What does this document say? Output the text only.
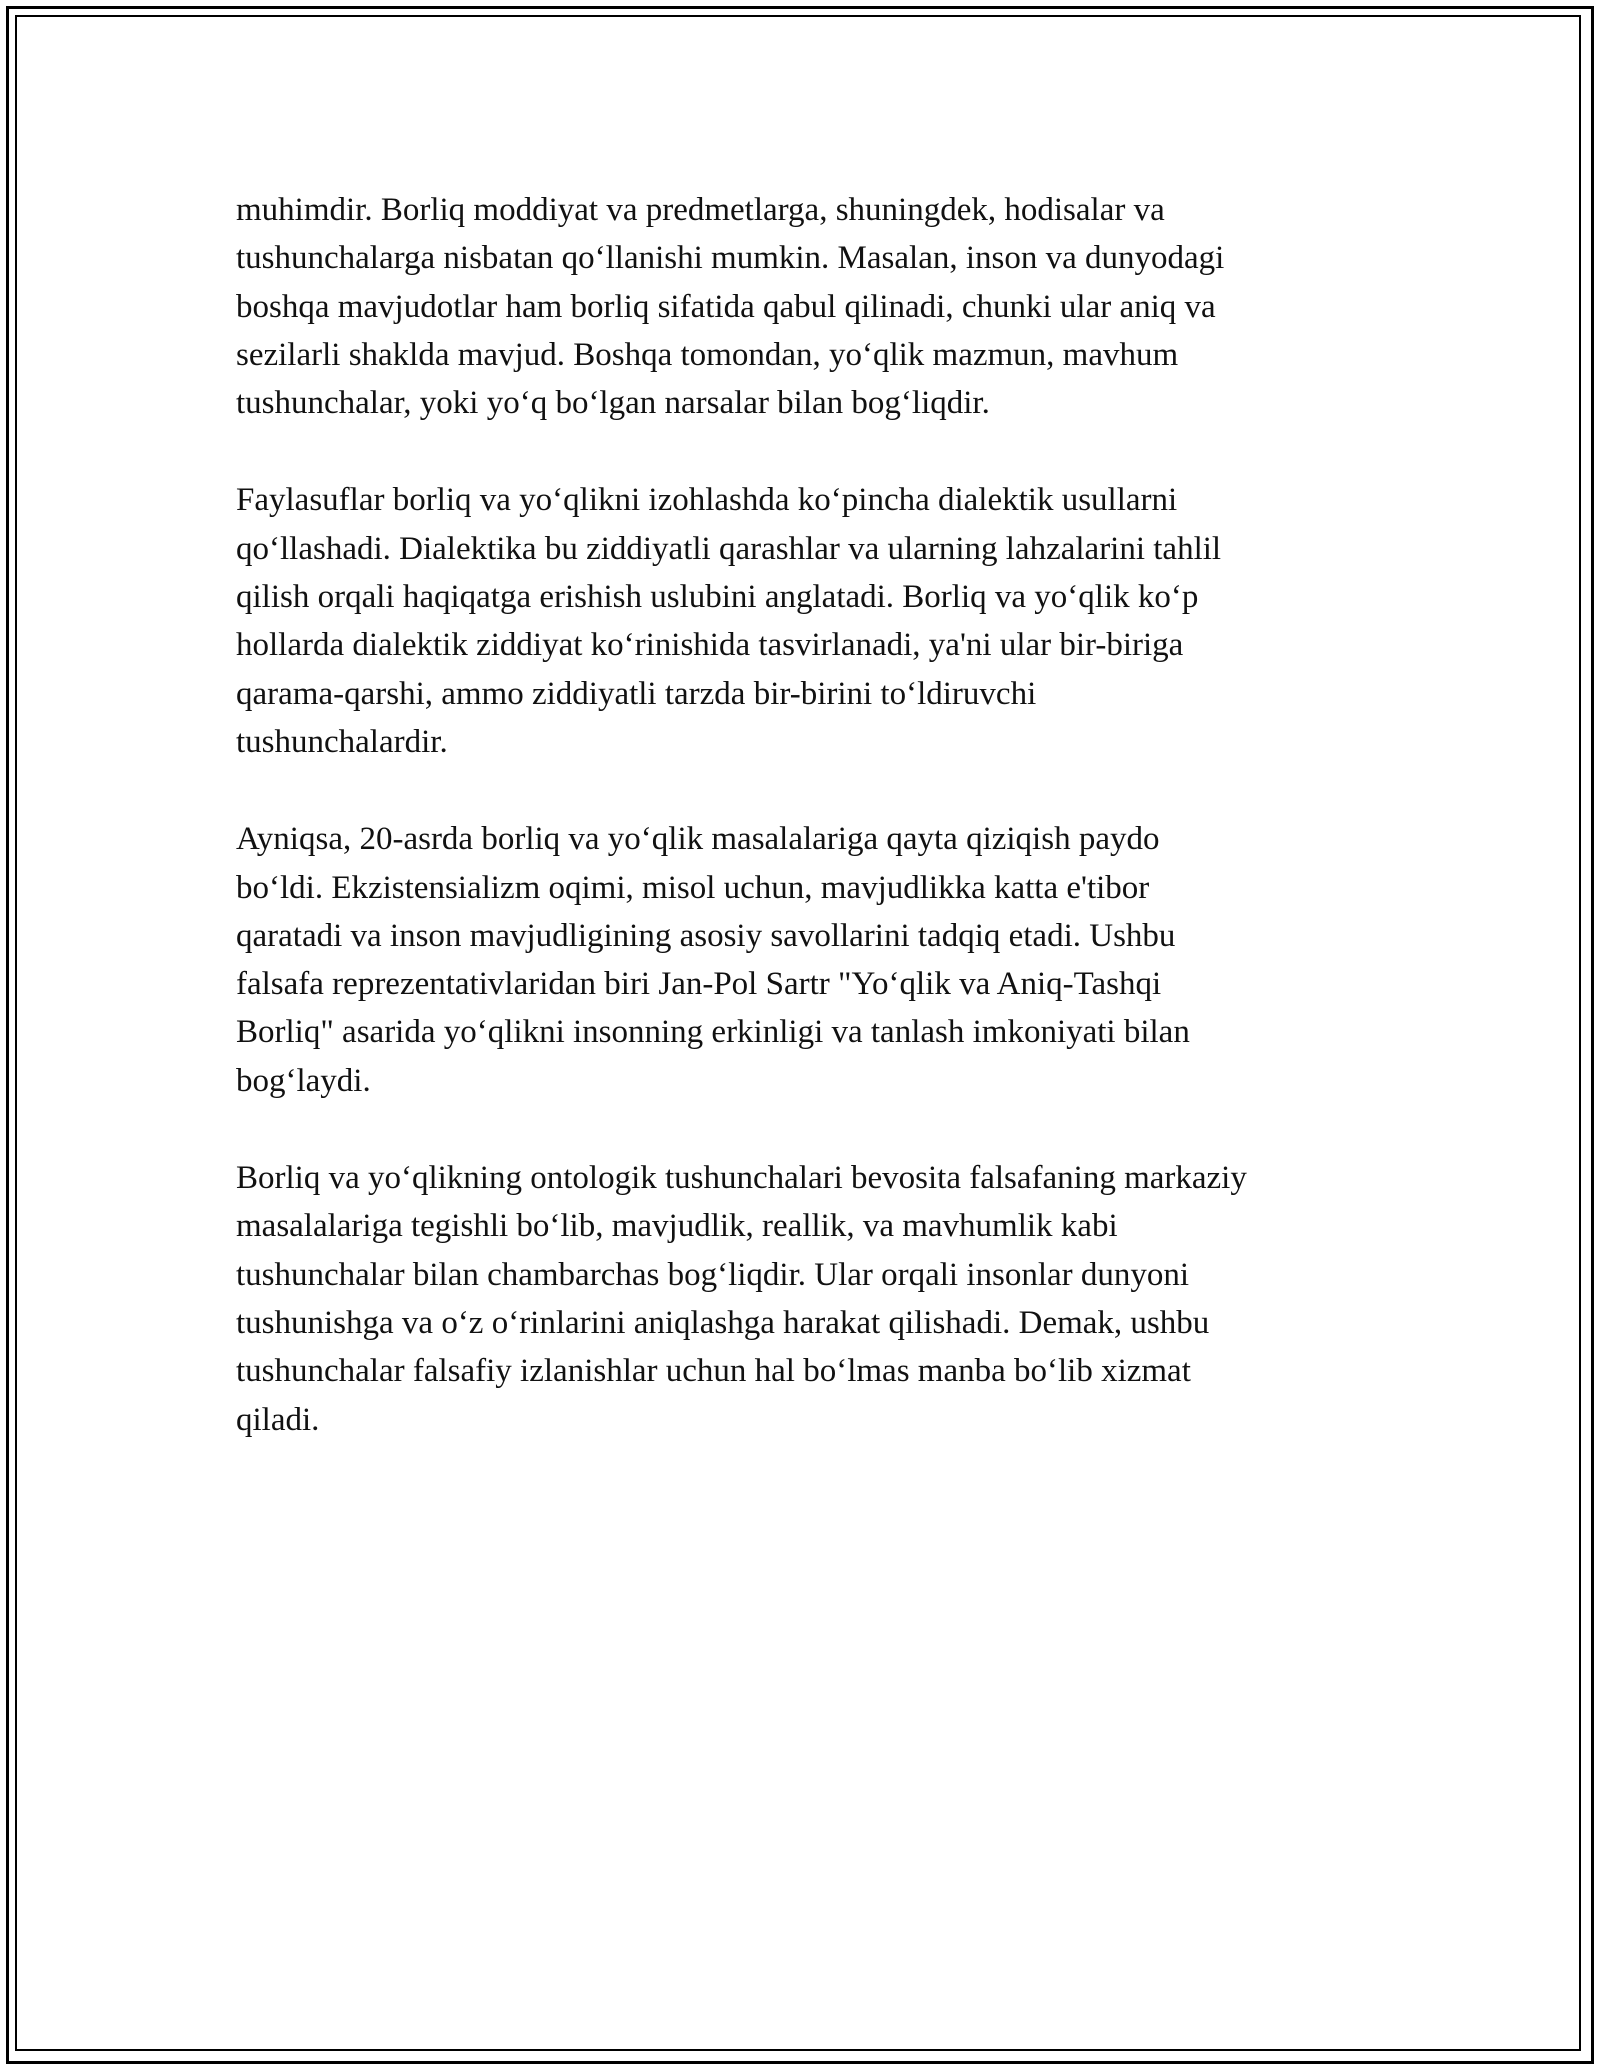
muhimdir. Borliq moddiyat va predmetlarga, shuningdek, hodisalar va
tushunchalarga nisbatan qo‘llanishi mumkin. Masalan, inson va dunyodagi
boshqa mavjudotlar ham borliq sifatida qabul qilinadi, chunki ular aniq va
sezilarli shaklda mavjud. Boshqa tomondan, yo‘qlik mazmun, mavhum
tushunchalar, yoki yo‘q bo‘lgan narsalar bilan bog‘liqdir.

Faylasuflar borliq va yo‘qlikni izohlashda ko‘pincha dialektik usullarni
qo‘llashadi. Dialektika bu ziddiyatli qarashlar va ularning lahzalarini tahlil
qilish orqali haqiqatga erishish uslubini anglatadi. Borliq va yo‘qlik ko‘p
hollarda dialektik ziddiyat ko‘rinishida tasvirlanadi, ya'ni ular bir-biriga
qarama-qarshi, ammo ziddiyatli tarzda bir-birini to‘ldiruvchi
tushunchalardir.

Ayniqsa, 20-asrda borliq va yo‘qlik masalalariga qayta qiziqish paydo
bo‘ldi. Ekzistensializm oqimi, misol uchun, mavjudlikka katta e'tibor
qaratadi va inson mavjudligining asosiy savollarini tadqiq etadi. Ushbu
falsafa reprezentativlaridan biri Jan-Pol Sartr "Yo‘qlik va Aniq-Tashqi
Borliq" asarida yo‘qlikni insonning erkinligi va tanlash imkoniyati bilan
bog‘laydi.

Borliq va yo‘qlikning ontologik tushunchalari bevosita falsafaning markaziy
masalalariga tegishli bo‘lib, mavjudlik, reallik, va mavhumlik kabi
tushunchalar bilan chambarchas bog‘liqdir. Ular orqali insonlar dunyoni
tushunishga va o‘z o‘rinlarini aniqlashga harakat qilishadi. Demak, ushbu
tushunchalar falsafiy izlanishlar uchun hal bo‘lmas manba bo‘lib xizmat
qiladi.
